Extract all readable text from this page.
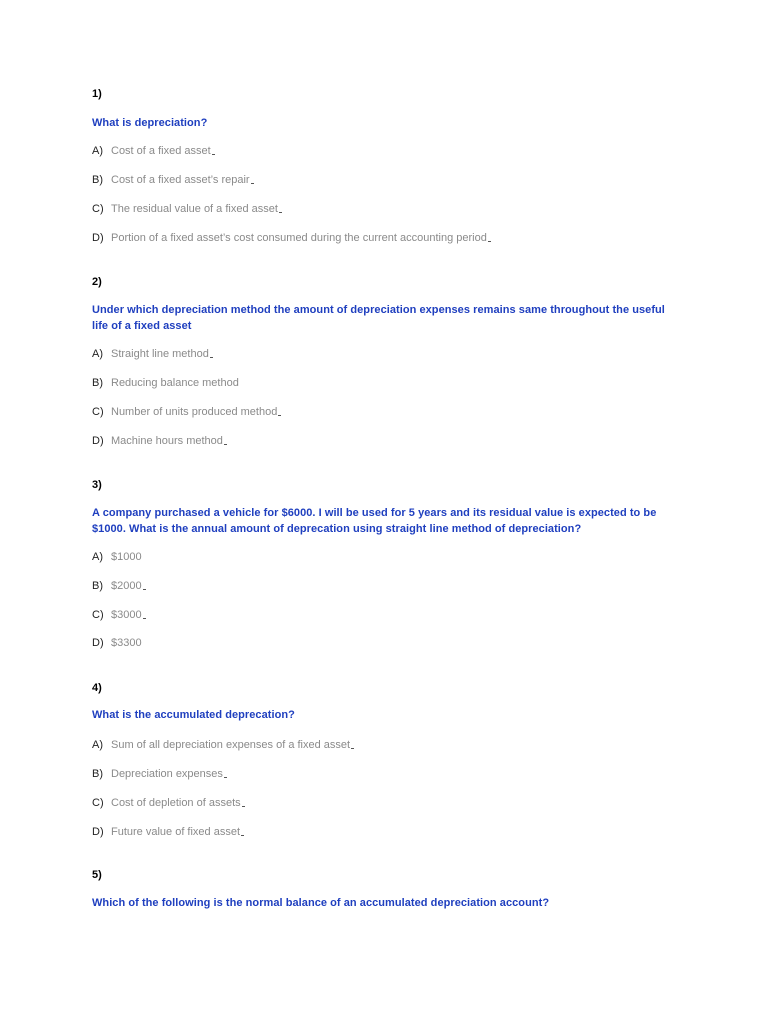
1)
What is depreciation?
A) Cost of a fixed asset
B) Cost of a fixed asset’s repair
C) The residual value of a fixed asset
D) Portion of a fixed asset’s cost consumed during the current accounting period
2)
Under which depreciation method the amount of depreciation expenses remains same throughout the useful life of a fixed asset
A) Straight line method
B) Reducing balance method
C) Number of units produced method
D) Machine hours method
3)
A company purchased a vehicle for $6000. I will be used for 5 years and its residual value is expected to be $1000. What is the annual amount of deprecation using straight line method of depreciation?
A) $1000
B) $2000
C) $3000
D) $3300
4)
What is the accumulated deprecation?
A) Sum of all depreciation expenses of a fixed asset
B) Depreciation expenses
C) Cost of depletion of assets
D) Future value of fixed asset
5)
Which of the following is the normal balance of an accumulated depreciation account?
